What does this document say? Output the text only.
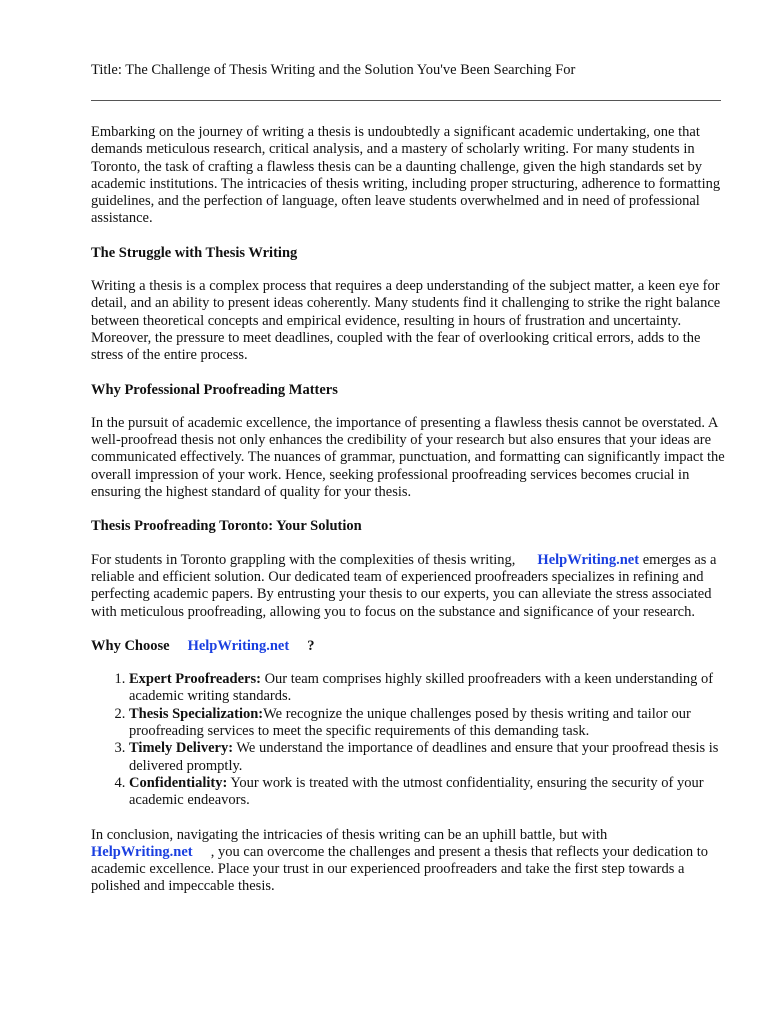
Title: The Challenge of Thesis Writing and the Solution You've Been Searching For

Embarking on the journey of writing a thesis is undoubtedly a significant academic undertaking, one that demands meticulous research, critical analysis, and a mastery of scholarly writing. For many students in Toronto, the task of crafting a flawless thesis can be a daunting challenge, given the high standards set by academic institutions. The intricacies of thesis writing, including proper structuring, adherence to formatting guidelines, and the perfection of language, often leave students overwhelmed and in need of professional assistance.

The Struggle with Thesis Writing

Writing a thesis is a complex process that requires a deep understanding of the subject matter, a keen eye for detail, and an ability to present ideas coherently. Many students find it challenging to strike the right balance between theoretical concepts and empirical evidence, resulting in hours of frustration and uncertainty. Moreover, the pressure to meet deadlines, coupled with the fear of overlooking critical errors, adds to the stress of the entire process.

Why Professional Proofreading Matters

In the pursuit of academic excellence, the importance of presenting a flawless thesis cannot be overstated. A well-proofread thesis not only enhances the credibility of your research but also ensures that your ideas are communicated effectively. The nuances of grammar, punctuation, and formatting can significantly impact the overall impression of your work. Hence, seeking professional proofreading services becomes crucial in ensuring the highest standard of quality for your thesis.

Thesis Proofreading Toronto: Your Solution

For students in Toronto grappling with the complexities of thesis writing, HelpWriting.net emerges as a reliable and efficient solution. Our dedicated team of experienced proofreaders specializes in refining and perfecting academic papers. By entrusting your thesis to our experts, you can alleviate the stress associated with meticulous proofreading, allowing you to focus on the substance and significance of your research.

Why Choose HelpWriting.net ?
1. Expert Proofreaders: Our team comprises highly skilled proofreaders with a keen understanding of academic writing standards.
2. Thesis Specialization:We recognize the unique challenges posed by thesis writing and tailor our proofreading services to meet the specific requirements of this demanding task.
3. Timely Delivery: We understand the importance of deadlines and ensure that your proofread thesis is delivered promptly.
4. Confidentiality: Your work is treated with the utmost confidentiality, ensuring the security of your academic endeavors.

In conclusion, navigating the intricacies of thesis writing can be an uphill battle, but with
HelpWriting.net , you can overcome the challenges and present a thesis that reflects your dedication to academic excellence. Place your trust in our experienced proofreaders and take the first step towards a polished and impeccable thesis.
